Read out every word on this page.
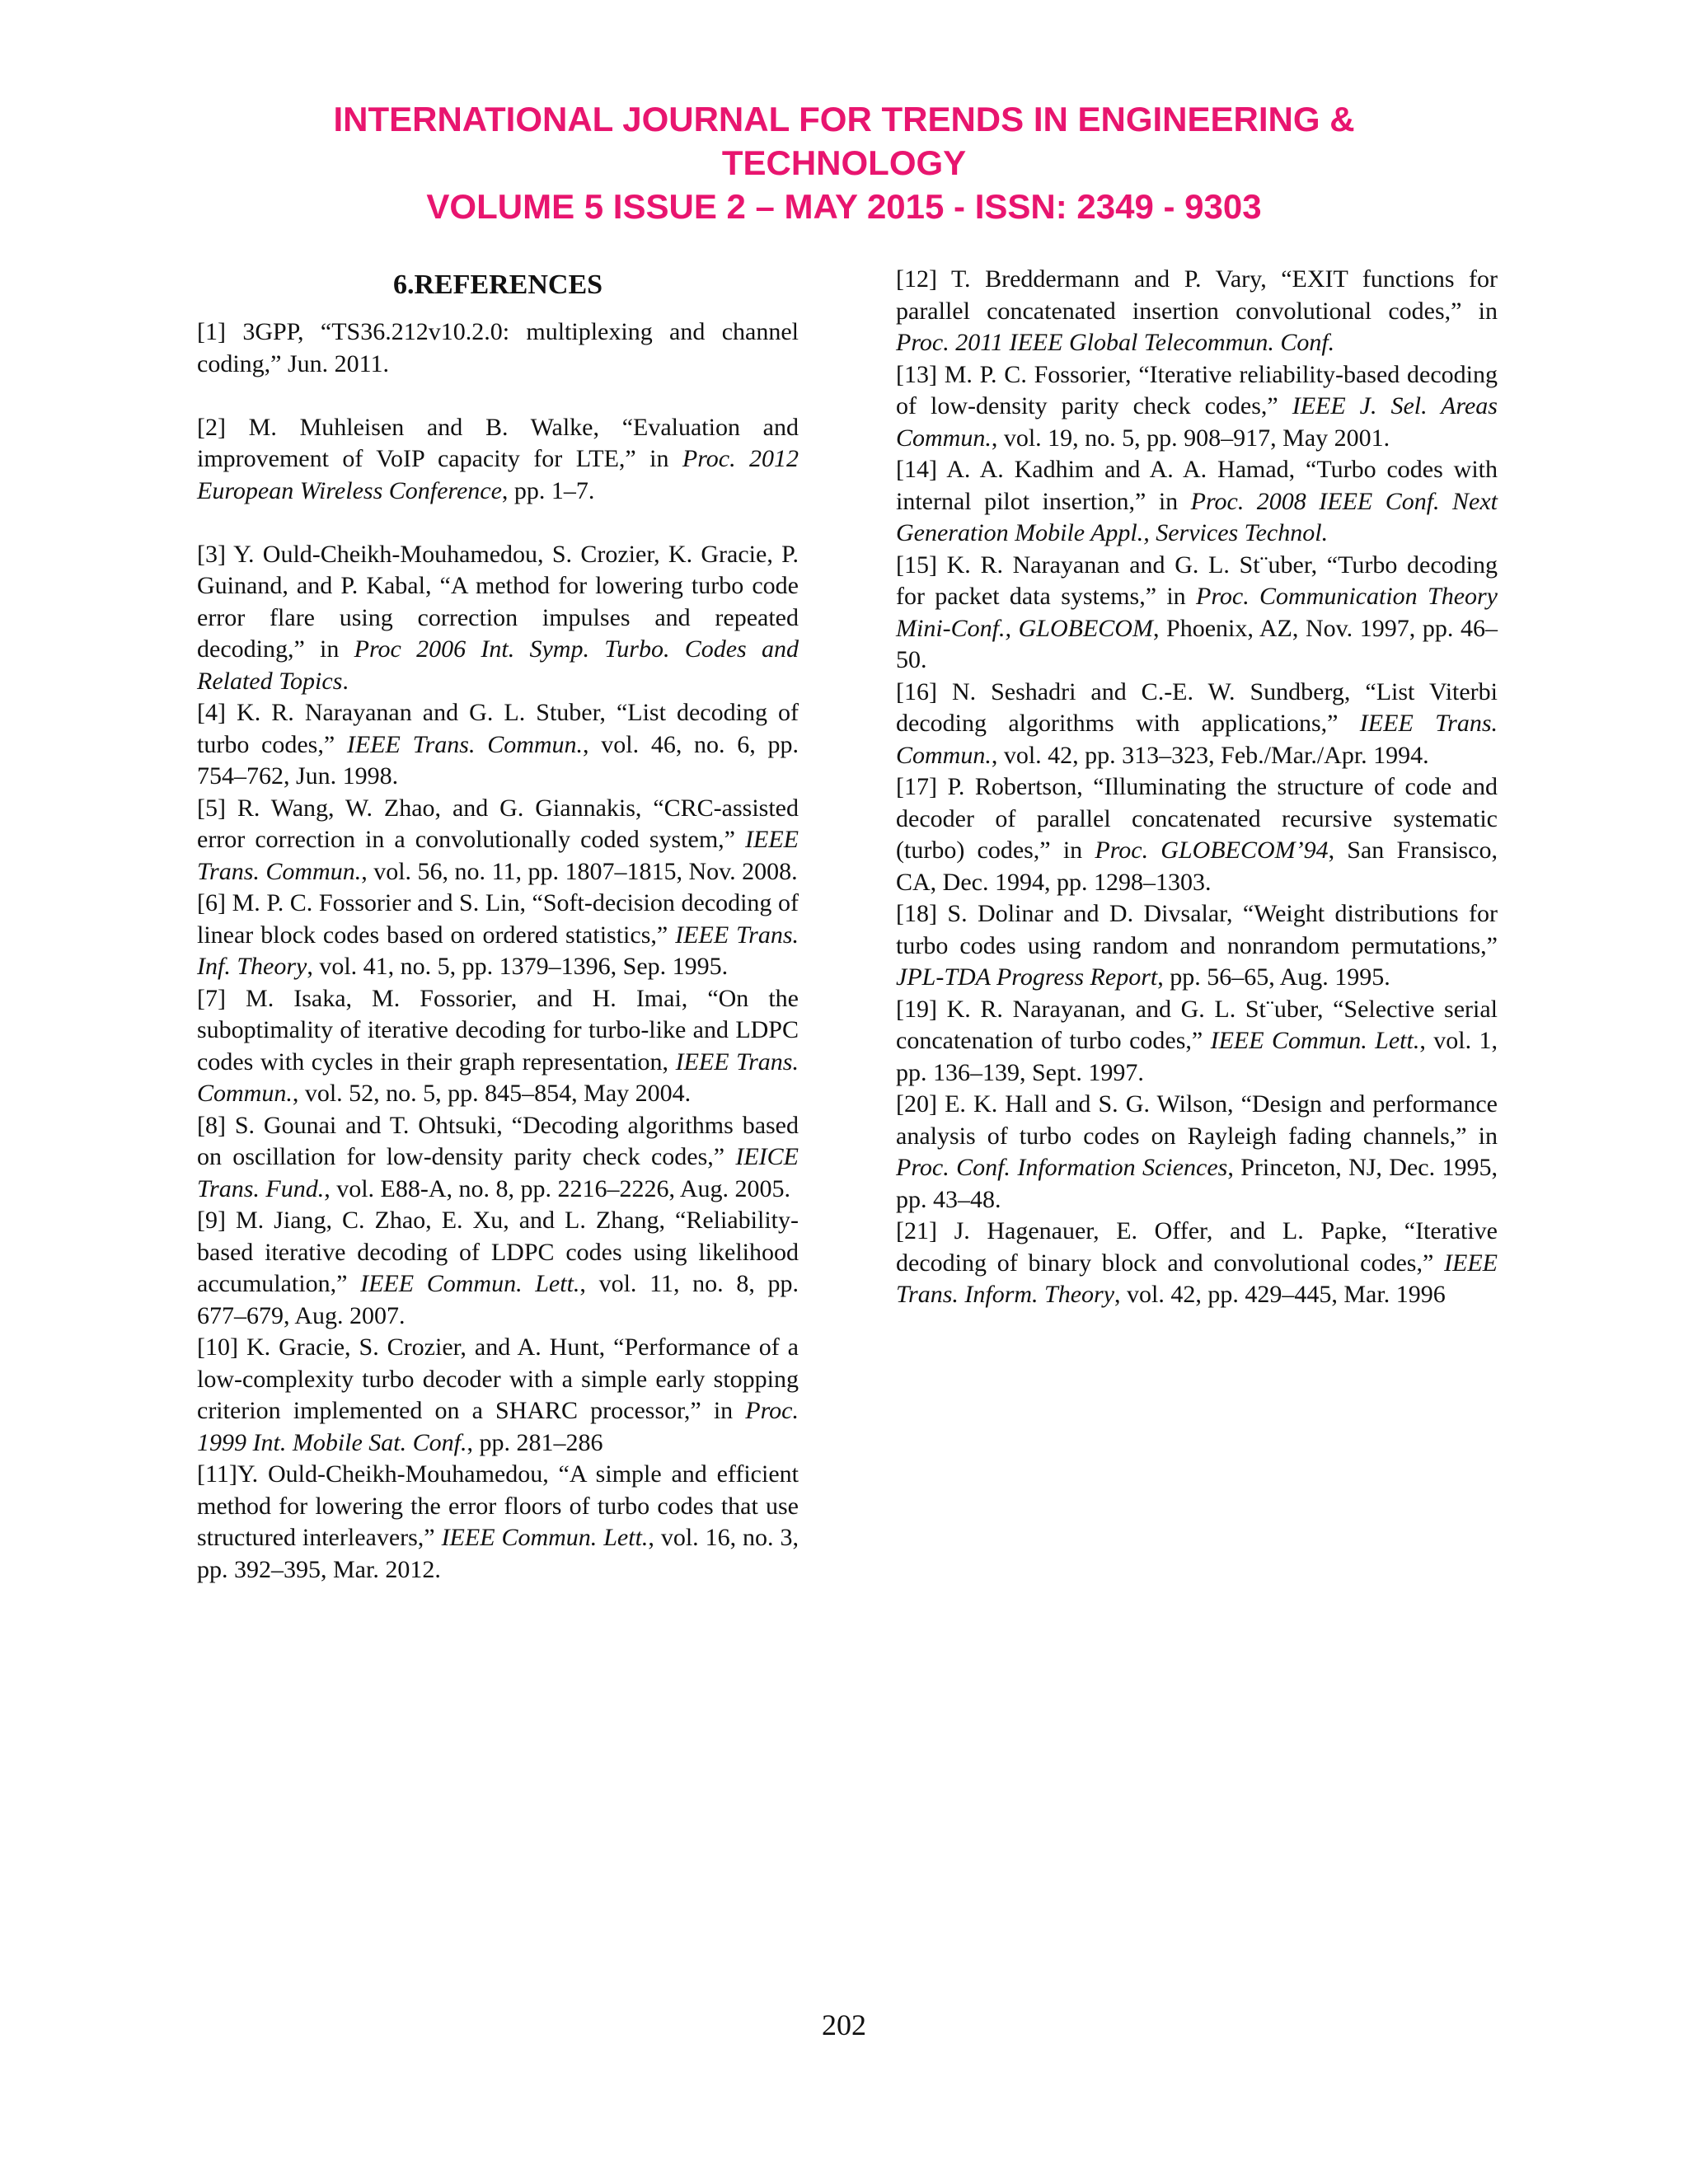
INTERNATIONAL JOURNAL FOR TRENDS IN ENGINEERING &
TECHNOLOGY
VOLUME 5 ISSUE 2 – MAY 2015 - ISSN: 2349 - 9303
6.REFERENCES

[1] 3GPP, “TS36.212v10.2.0: multiplexing and channel coding,” Jun. 2011.

[2] M. Muhleisen and B. Walke, “Evaluation and improvement of VoIP capacity for LTE,” in Proc. 2012 European Wireless Conference, pp. 1–7.

[3] Y. Ould-Cheikh-Mouhamedou, S. Crozier, K. Gracie, P. Guinand, and P. Kabal, “A method for lowering turbo code error flare using correction impulses and repeated decoding,” in Proc 2006 Int. Symp. Turbo. Codes and Related Topics.

[4] K. R. Narayanan and G. L. Stuber, “List decoding of turbo codes,” IEEE Trans. Commun., vol. 46, no. 6, pp. 754–762, Jun. 1998.

[5] R. Wang, W. Zhao, and G. Giannakis, “CRC-assisted error correction in a convolutionally coded system,” IEEE Trans. Commun., vol. 56, no. 11, pp. 1807–1815, Nov. 2008.

[6] M. P. C. Fossorier and S. Lin, “Soft-decision decoding of linear block codes based on ordered statistics,” IEEE Trans. Inf. Theory, vol. 41, no. 5, pp. 1379–1396, Sep. 1995.

[7] M. Isaka, M. Fossorier, and H. Imai, “On the suboptimality of iterative decoding for turbo-like and LDPC codes with cycles in their graph representation, IEEE Trans. Commun., vol. 52, no. 5, pp. 845–854, May 2004.

[8] S. Gounai and T. Ohtsuki, “Decoding algorithms based on oscillation for low-density parity check codes,” IEICE Trans. Fund., vol. E88-A, no. 8, pp. 2216–2226, Aug. 2005.

[9] M. Jiang, C. Zhao, E. Xu, and L. Zhang, “Reliability-based iterative decoding of LDPC codes using likelihood accumulation,” IEEE Commun. Lett., vol. 11, no. 8, pp. 677–679, Aug. 2007.

[10] K. Gracie, S. Crozier, and A. Hunt, “Performance of a low-complexity turbo decoder with a simple early stopping criterion implemented on a SHARC processor,” in Proc. 1999 Int. Mobile Sat. Conf., pp. 281–286

[11]Y. Ould-Cheikh-Mouhamedou, “A simple and efficient method for lowering the error floors of turbo codes that use structured interleavers,” IEEE Commun. Lett., vol. 16, no. 3, pp. 392–395, Mar. 2012.

[12] T. Breddermann and P. Vary, “EXIT functions for parallel concatenated insertion convolutional codes,” in Proc. 2011 IEEE Global Telecommun. Conf.

[13] M. P. C. Fossorier, “Iterative reliability-based decoding of low-density parity check codes,” IEEE J. Sel. Areas Commun., vol. 19, no. 5, pp. 908–917, May 2001.

[14] A. A. Kadhim and A. A. Hamad, “Turbo codes with internal pilot insertion,” in Proc. 2008 IEEE Conf. Next Generation Mobile Appl., Services Technol.

[15] K. R. Narayanan and G. L. St¨uber, “Turbo decoding for packet data systems,” in Proc. Communication Theory Mini-Conf., GLOBECOM, Phoenix, AZ, Nov. 1997, pp. 46–50.

[16] N. Seshadri and C.-E. W. Sundberg, “List Viterbi decoding algorithms with applications,” IEEE Trans. Commun., vol. 42, pp. 313–323, Feb./Mar./Apr. 1994.

[17] P. Robertson, “Illuminating the structure of code and decoder of parallel concatenated recursive systematic (turbo) codes,” in Proc. GLOBECOM’94, San Fransisco, CA, Dec. 1994, pp. 1298–1303.

[18] S. Dolinar and D. Divsalar, “Weight distributions for turbo codes using random and nonrandom permutations,” JPL-TDA Progress Report, pp. 56–65, Aug. 1995.

[19] K. R. Narayanan, and G. L. St¨uber, “Selective serial concatenation of turbo codes,” IEEE Commun. Lett., vol. 1, pp. 136–139, Sept. 1997.

[20] E. K. Hall and S. G. Wilson, “Design and performance analysis of turbo codes on Rayleigh fading channels,” in Proc. Conf. Information Sciences, Princeton, NJ, Dec. 1995, pp. 43–48.

[21] J. Hagenauer, E. Offer, and L. Papke, “Iterative decoding of binary block and convolutional codes,” IEEE Trans. Inform. Theory, vol. 42, pp. 429–445, Mar. 1996

202
